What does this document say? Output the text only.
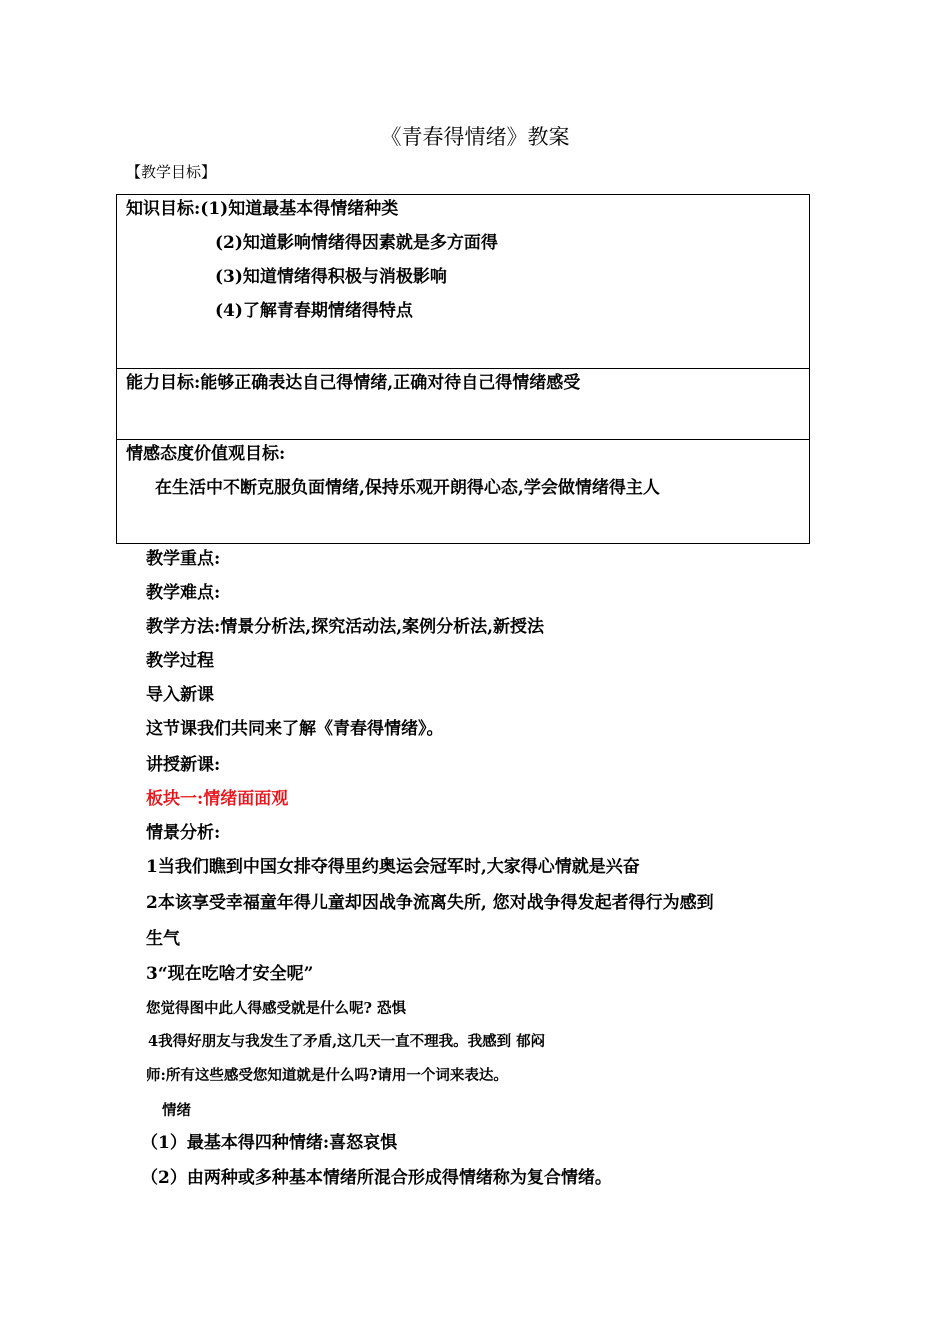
《青春得情绪》教案
【教学目标】
知识目标:(1)知道最基本得情绪种类
(2)知道影响情绪得因素就是多方面得
(3)知道情绪得积极与消极影响
(4)了解青春期情绪得特点
能力目标:能够正确表达自己得情绪,正确对待自己得情绪感受
情感态度价值观目标:
在生活中不断克服负面情绪,保持乐观开朗得心态,学会做情绪得主人
教学重点:
教学难点:
教学方法:情景分析法,探究活动法,案例分析法,新授法
教学过程
导入新课
这节课我们共同来了解《青春得情绪》。
讲授新课:
板块一:情绪面面观
情景分析:
1当我们瞧到中国女排夺得里约奥运会冠军时,大家得心情就是兴奋
2本该享受幸福童年得儿童却因战争流离失所, 您对战争得发起者得行为感到
生气
3“现在吃啥才安全呢”
您觉得图中此人得感受就是什么呢? 恐惧
4我得好朋友与我发生了矛盾,这几天一直不理我。我感到 郁闷
师:所有这些感受您知道就是什么吗?请用一个词来表达。
情绪
（1）最基本得四种情绪:喜怒哀惧
（2）由两种或多种基本情绪所混合形成得情绪称为复合情绪。
